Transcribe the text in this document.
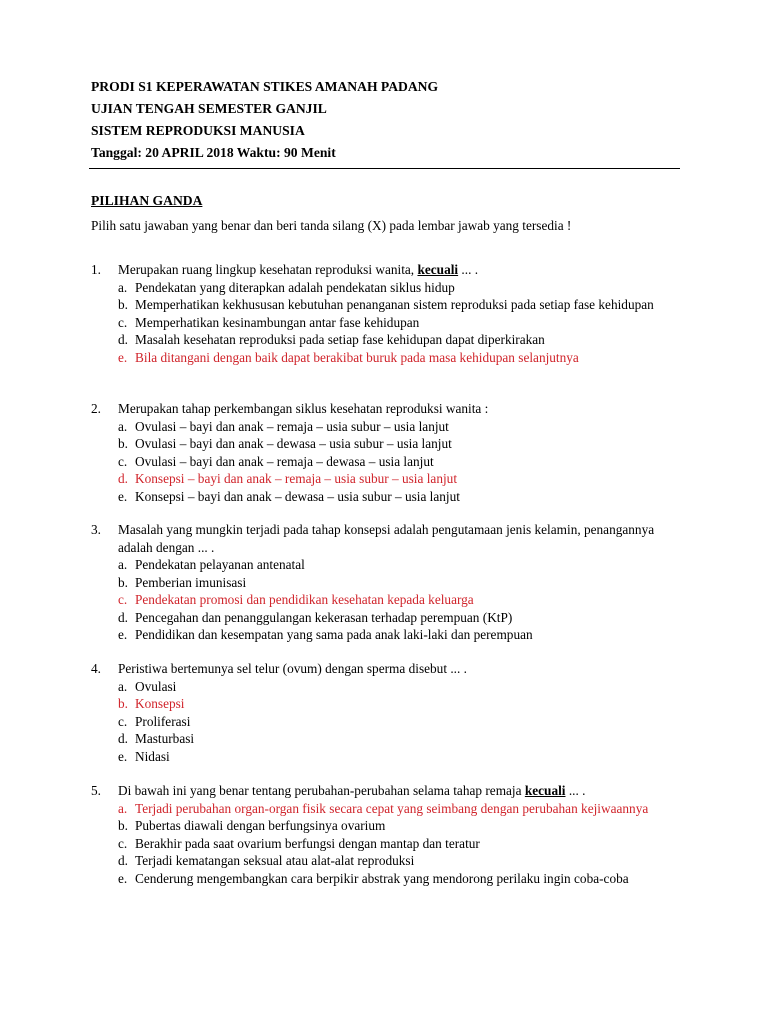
PRODI S1 KEPERAWATAN STIKES AMANAH PADANG
UJIAN TENGAH SEMESTER GANJIL
SISTEM REPRODUKSI MANUSIA
Tanggal: 20 APRIL 2018 Waktu: 90 Menit
PILIHAN GANDA
Pilih satu jawaban yang benar dan beri tanda silang (X) pada lembar jawab yang tersedia !
1. Merupakan ruang lingkup kesehatan reproduksi wanita, kecuali ... .
a. Pendekatan yang diterapkan adalah pendekatan siklus hidup
b. Memperhatikan kekhususan kebutuhan penanganan sistem reproduksi pada setiap fase kehidupan
c. Memperhatikan kesinambungan antar fase kehidupan
d. Masalah kesehatan reproduksi pada setiap fase kehidupan dapat diperkirakan
e. Bila ditangani dengan baik dapat berakibat buruk pada masa kehidupan selanjutnya
2. Merupakan tahap perkembangan siklus kesehatan reproduksi wanita :
a. Ovulasi – bayi dan anak – remaja – usia subur – usia lanjut
b. Ovulasi – bayi dan anak – dewasa – usia subur – usia lanjut
c. Ovulasi – bayi dan anak – remaja – dewasa – usia lanjut
d. Konsepsi – bayi dan anak – remaja – usia subur – usia lanjut
e. Konsepsi – bayi dan anak – dewasa – usia subur – usia lanjut
3. Masalah yang mungkin terjadi pada tahap konsepsi adalah pengutamaan jenis kelamin, penangannya adalah dengan ... .
a. Pendekatan pelayanan antenatal
b. Pemberian imunisasi
c. Pendekatan promosi dan pendidikan kesehatan kepada keluarga
d. Pencegahan dan penanggulangan kekerasan terhadap perempuan (KtP)
e. Pendidikan dan kesempatan yang sama pada anak laki-laki dan perempuan
4. Peristiwa bertemunya sel telur (ovum) dengan sperma disebut ... .
a. Ovulasi
b. Konsepsi
c. Proliferasi
d. Masturbasi
e. Nidasi
5. Di bawah ini yang benar tentang perubahan-perubahan selama tahap remaja kecuali ... .
a. Terjadi perubahan organ-organ fisik secara cepat yang seimbang dengan perubahan kejiwaannya
b. Pubertas diawali dengan berfungsinya ovarium
c. Berakhir pada saat ovarium berfungsi dengan mantap dan teratur
d. Terjadi kematangan seksual atau alat-alat reproduksi
e. Cenderung mengembangkan cara berpikir abstrak yang mendorong perilaku ingin coba-coba
